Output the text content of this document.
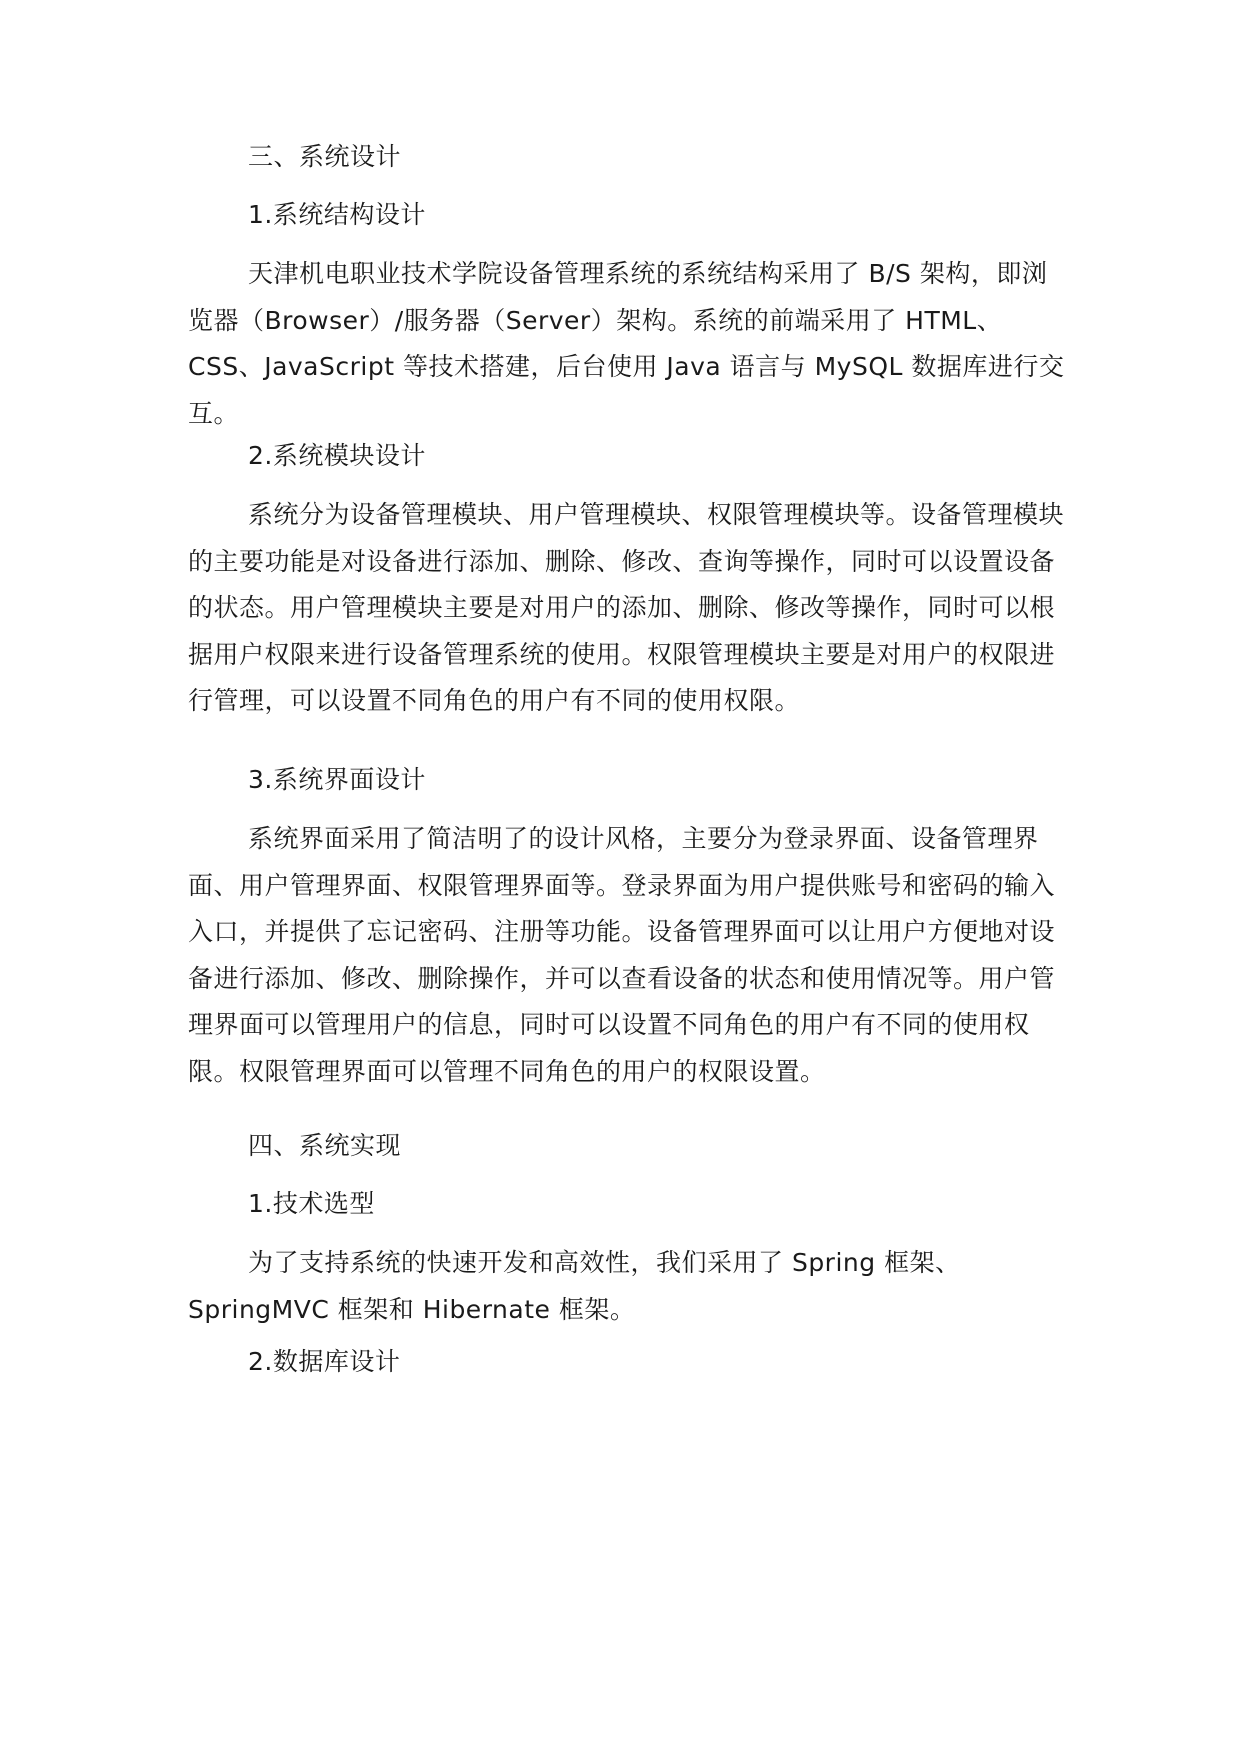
三、系统设计
1.系统结构设计

天津机电职业技术学院设备管理系统的系统结构采用了 B/S 架构，即浏览器（Browser）/服务器（Server）架构。系统的前端采用了 HTML、CSS、JavaScript 等技术搭建，后台使用 Java 语言与 MySQL 数据库进行交互。

2.系统模块设计

系统分为设备管理模块、用户管理模块、权限管理模块等。设备管理模块的主要功能是对设备进行添加、删除、修改、查询等操作，同时可以设置设备的状态。用户管理模块主要是对用户的添加、删除、修改等操作，同时可以根据用户权限来进行设备管理系统的使用。权限管理模块主要是对用户的权限进行管理，可以设置不同角色的用户有不同的使用权限。

3.系统界面设计

系统界面采用了简洁明了的设计风格，主要分为登录界面、设备管理界面、用户管理界面、权限管理界面等。登录界面为用户提供账号和密码的输入入口，并提供了忘记密码、注册等功能。设备管理界面可以让用户方便地对设备进行添加、修改、删除操作，并可以查看设备的状态和使用情况等。用户管理界面可以管理用户的信息，同时可以设置不同角色的用户有不同的使用权限。权限管理界面可以管理不同角色的用户的权限设置。

四、系统实现
1.技术选型

为了支持系统的快速开发和高效性，我们采用了 Spring 框架、SpringMVC 框架和 Hibernate 框架。

2.数据库设计
